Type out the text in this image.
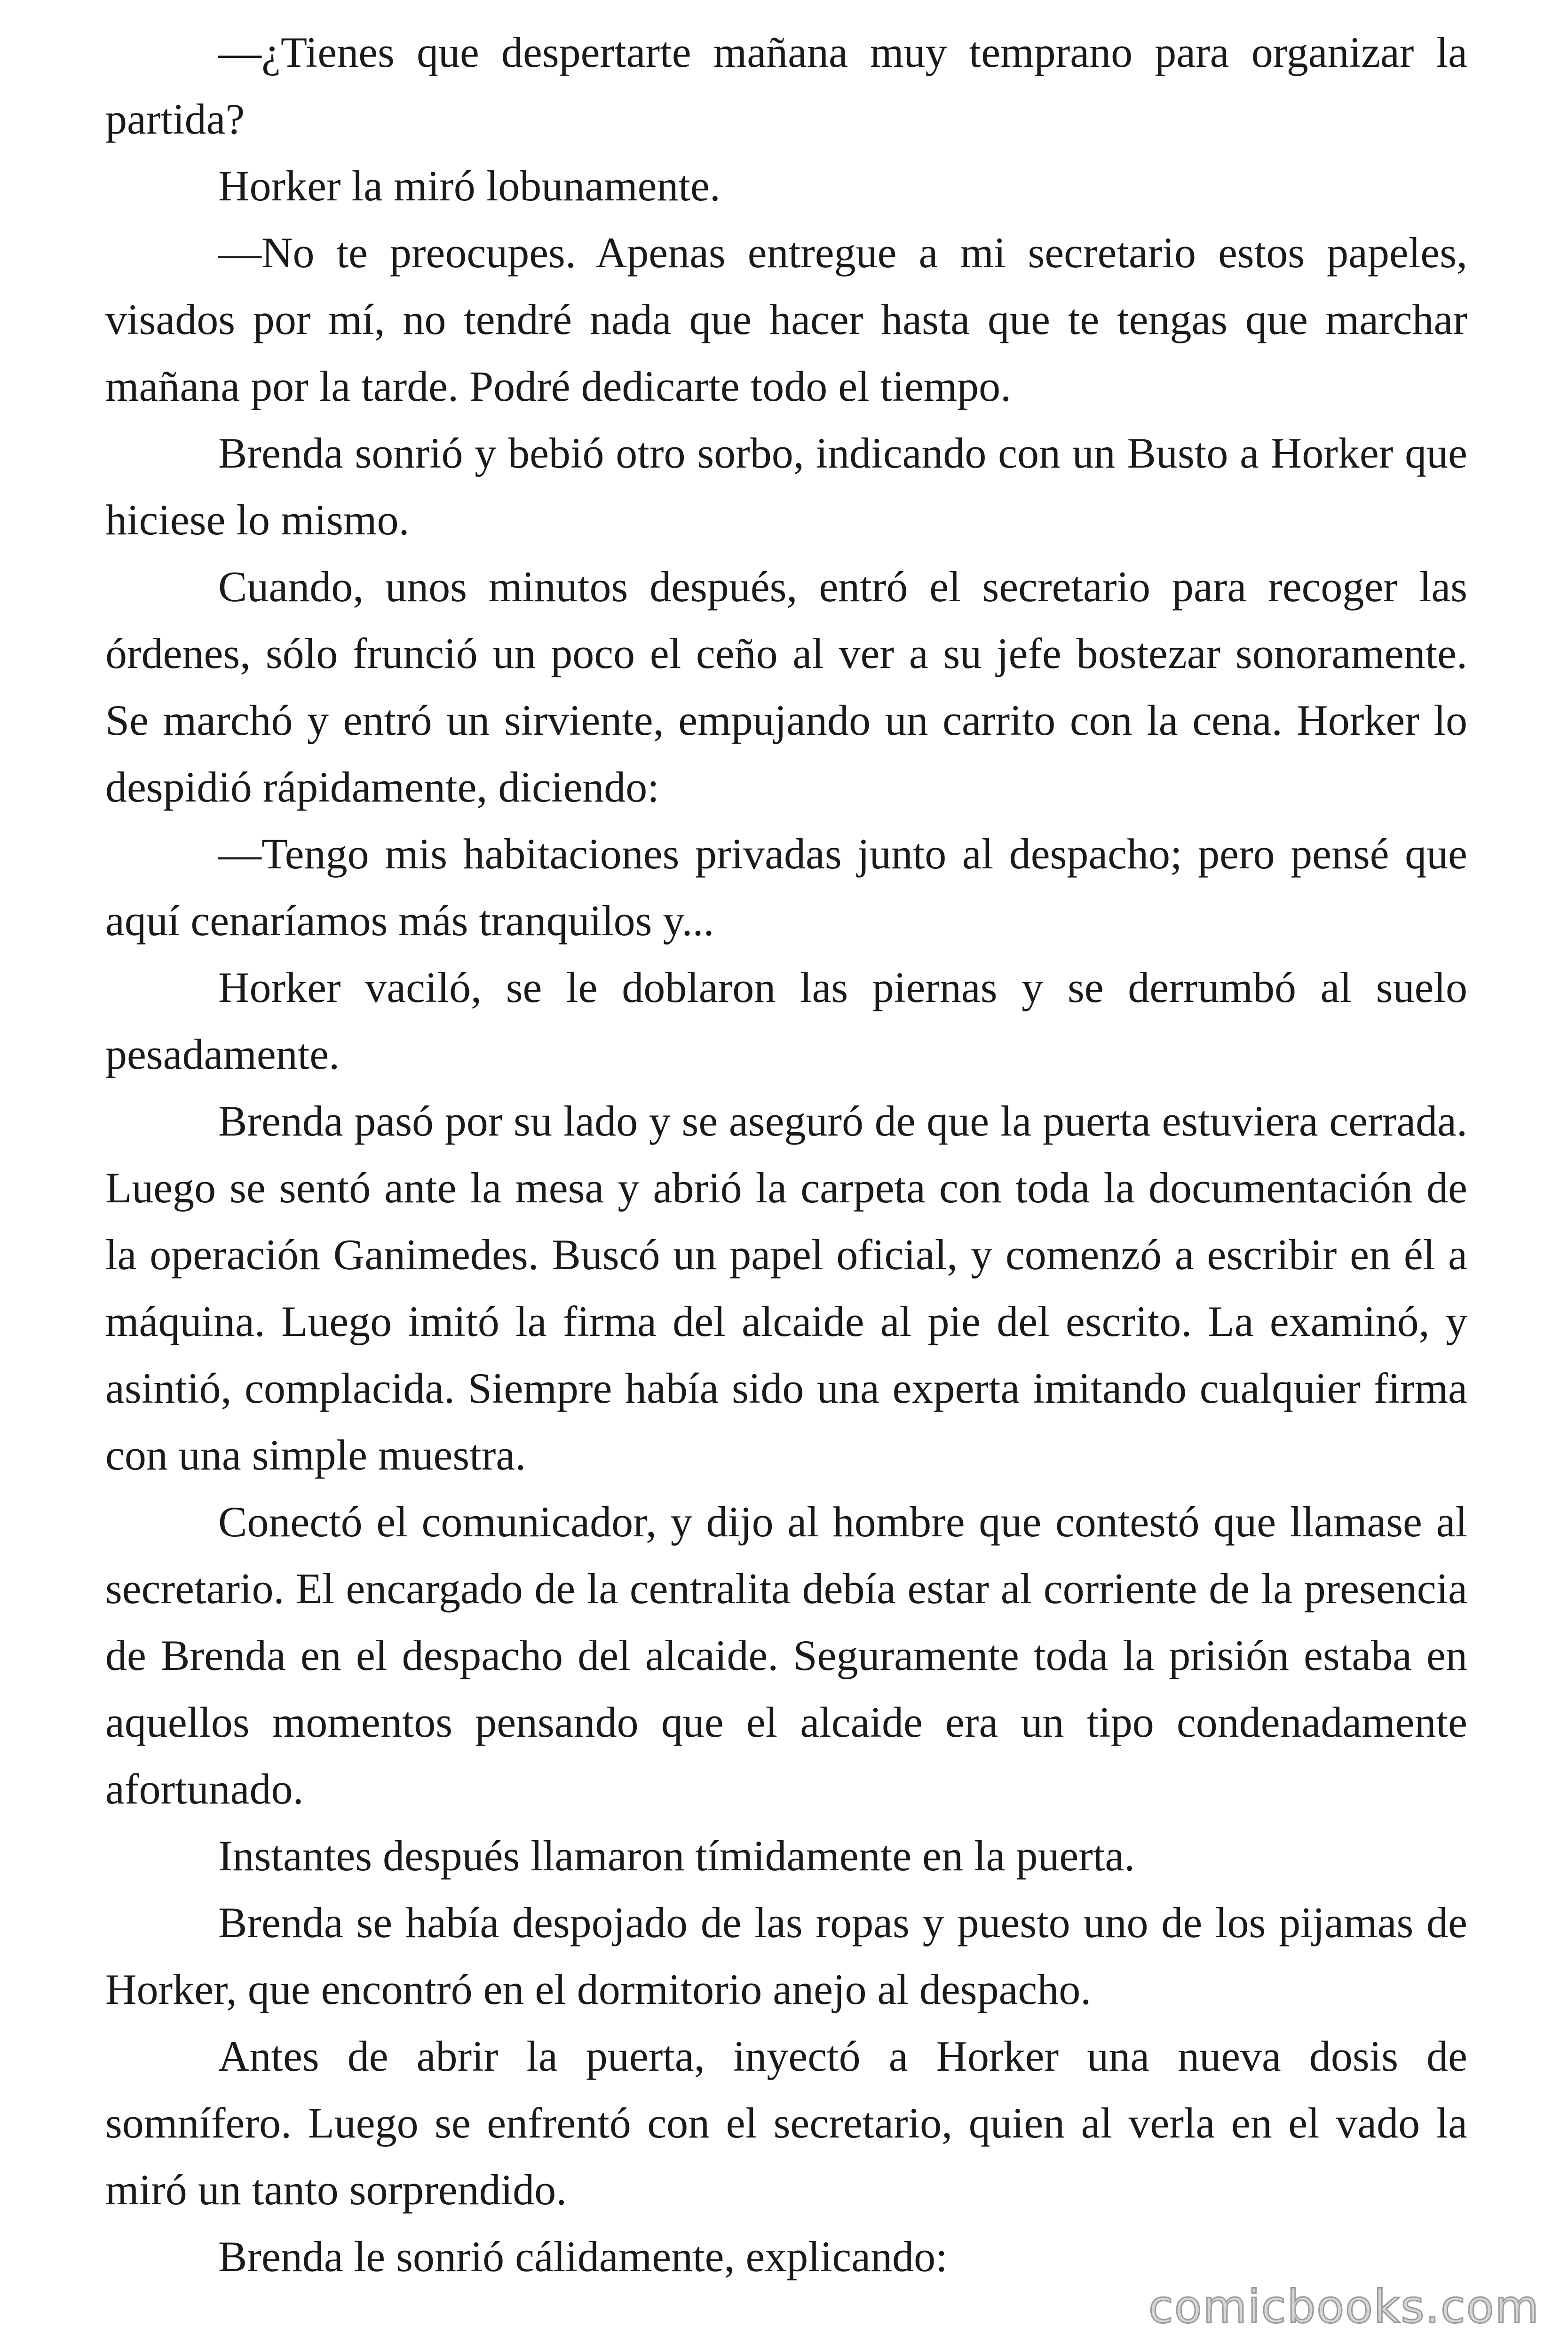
—¿Tienes que despertarte mañana muy temprano para organizar la partida?

Horker la miró lobunamente.

—No te preocupes. Apenas entregue a mi secretario estos papeles, visados por mí, no tendré nada que hacer hasta que te tengas que marchar mañana por la tarde. Podré dedicarte todo el tiempo.

Brenda sonrió y bebió otro sorbo, indicando con un Busto a Horker que hiciese lo mismo.

Cuando, unos minutos después, entró el secretario para recoger las órdenes, sólo frunció un poco el ceño al ver a su jefe bostezar sonoramente. Se marchó y entró un sirviente, empujando un carrito con la cena. Horker lo despidió rápidamente, diciendo:

—Tengo mis habitaciones privadas junto al despacho; pero pensé que aquí cenaríamos más tranquilos y...

Horker vaciló, se le doblaron las piernas y se derrumbó al suelo pesadamente.

Brenda pasó por su lado y se aseguró de que la puerta estuviera cerrada. Luego se sentó ante la mesa y abrió la carpeta con toda la documentación de la operación Ganimedes. Buscó un papel oficial, y comenzó a escribir en él a máquina. Luego imitó la firma del alcaide al pie del escrito. La examinó, y asintió, complacida. Siempre había sido una experta imitando cualquier firma con una simple muestra.

Conectó el comunicador, y dijo al hombre que contestó que llamase al secretario. El encargado de la centralita debía estar al corriente de la presencia de Brenda en el despacho del alcaide. Seguramente toda la prisión estaba en aquellos momentos pensando que el alcaide era un tipo condenadamente afortunado.

Instantes después llamaron tímidamente en la puerta.

Brenda se había despojado de las ropas y puesto uno de los pijamas de Horker, que encontró en el dormitorio anejo al despacho.

Antes de abrir la puerta, inyectó a Horker una nueva dosis de somnífero. Luego se enfrentó con el secretario, quien al verla en el vado la miró un tanto sorprendido.

Brenda le sonrió cálidamente, explicando:

comicbooks.com
